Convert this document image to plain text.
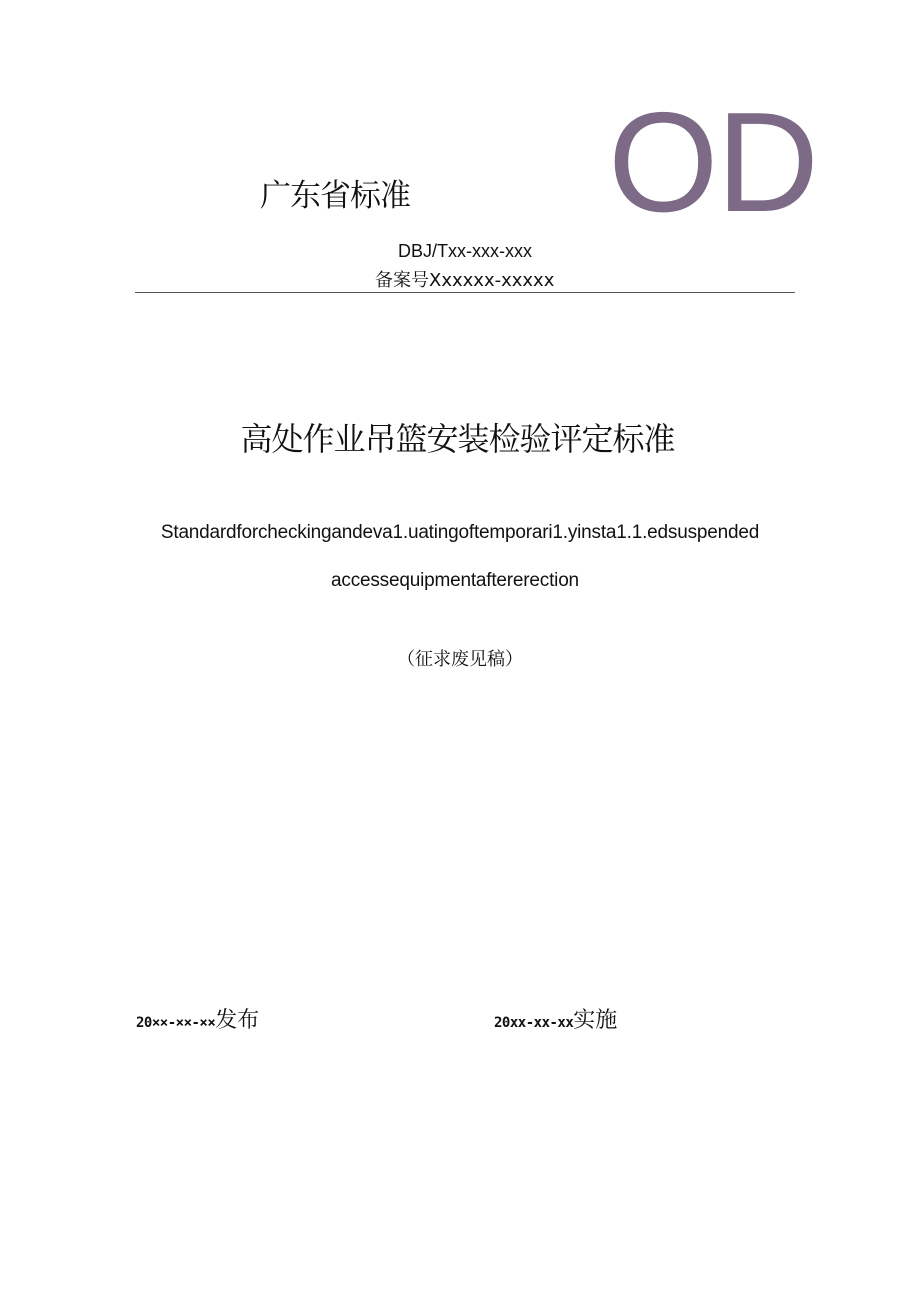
OD
广东省标准
DBJ/Txx-xxx-xxx
备案号Xxxxxx-xxxxx
高处作业吊篮安装检验评定标准
Standardforcheckingandeva1.uatingoftemporari1.yinsta1.1.edsuspended
accessequipmentaftererection
（征求废见稿）
20××-××-××发布	20xx-xx-xx实施
